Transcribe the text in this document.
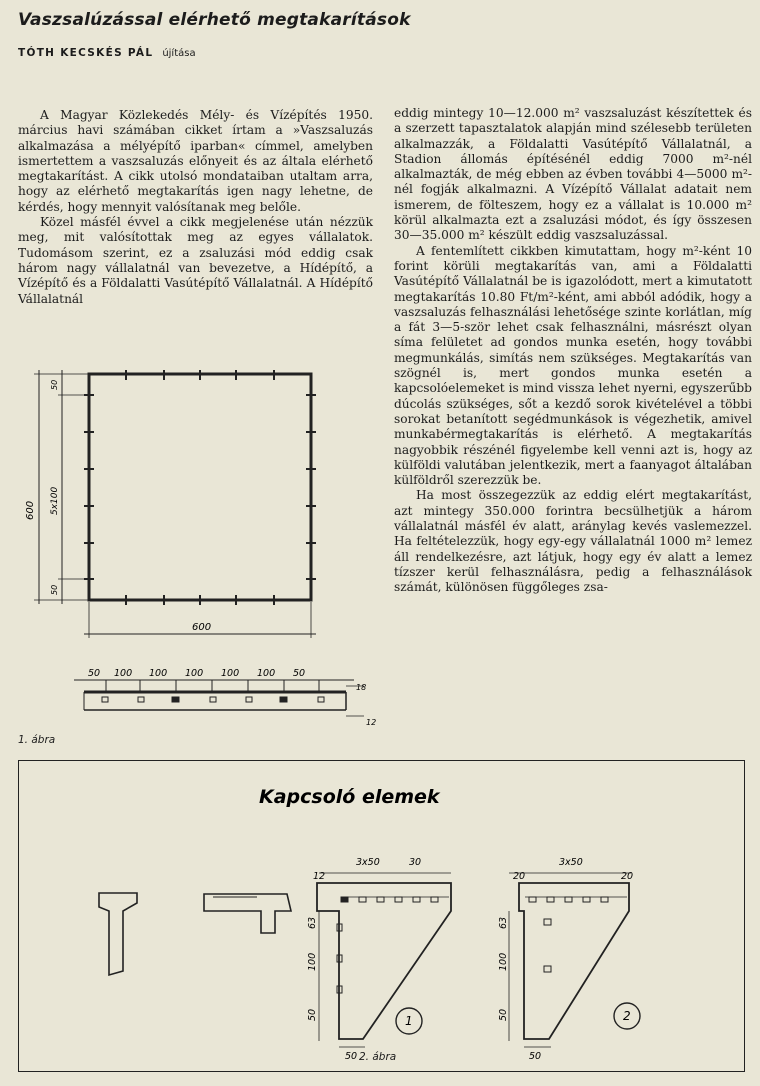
Vaszsalúzással elérhető megtakarítások
TÓTH KECSKÉS PÁL újítása

A Magyar Közlekedés Mély- és Vízépítés 1950. március havi számában cikket írtam a »Vaszsaluzás alkalmazása a mélyépítő iparban« címmel, amelyben ismertettem a vaszsaluzás előnyeit és az általa elérhető megtakarítást. A cikk utolsó mondataiban utaltam arra, hogy az elérhető megtakarítás igen nagy lehetne, de kérdés, hogy mennyit valósítanak meg belőle.

Közel másfél évvel a cikk megjelenése után nézzük meg, mit valósítottak meg az egyes vállalatok. Tudomásom szerint, ez a zsaluzási mód eddig csak három nagy vállalatnál van bevezetve, a Hídépítő, a Vízépítő és a Földalatti Vasútépítő Vállalatnál. A Hídépítő Vállalatnál

eddig mintegy 10—12.000 m² vaszsaluzást készítettek és a szerzett tapasztalatok alapján mind szélesebb területen alkalmazzák, a Földalatti Vasútépítő Vállalatnál, a Stadion állomás építésénél eddig 7000 m²-nél alkalmazták, de még ebben az évben további 4—5000 m²-nél fogják alkalmazni. A Vízépítő Vállalat adatait nem ismerem, de fölteszem, hogy ez a vállalat is 10.000 m² körül alkalmazta ezt a zsaluzási módot, és így összesen 30—35.000 m² készült eddig vaszsaluzással.

A fentemlített cikkben kimutattam, hogy m²-ként 10 forint körüli megtakarítás van, ami a Földalatti Vasútépítő Vállalatnál be is igazolódott, mert a kimutatott megtakarítás 10.80 Ft/m²-ként, ami abból adódik, hogy a vaszsaluzás felhasználási lehetősége szinte korlátlan, míg a fát 3—5-ször lehet csak felhasználni, másrészt olyan síma felületet ad gondos munka esetén, hogy további megmunkálás, simítás nem szükséges. Megtakarítás van szögnél is, mert gondos munka esetén a kapcsolóelemeket is mind vissza lehet nyerni, egyszerűbb dúcolás szükséges, sőt a kezdő sorok kivételével a többi sorokat betanított segédmunkások is végezhetik, amivel munkabérmegtakarítás is elérhető. A megtakarítás nagyobbik részénél figyelembe kell venni azt is, hogy az külföldi valutában jelentkezik, mert a faanyagot általában külföldről szerezzük be.

Ha most összegezzük az eddig elért megtakarítást, azt mintegy 350.000 forintra becsülhetjük a három vállalatnál másfél év alatt, aránylag kevés vaslemezzel. Ha feltételezzük, hogy egy-egy vállalatnál 1000 m² lemez áll rendelkezésre, azt látjuk, hogy egy év alatt a lemez tízszer kerül felhasználásra, pedig a felhasználások számát, különösen függőleges zsa-

600 5x100
50
50
600
50 100 100 100 100 100 50
18
12
1. ábra
Kapcsoló elemek
3x50
12
30
63
100
50
50
1
3x50
20	20
63
100
50
50
2
2. ábra
